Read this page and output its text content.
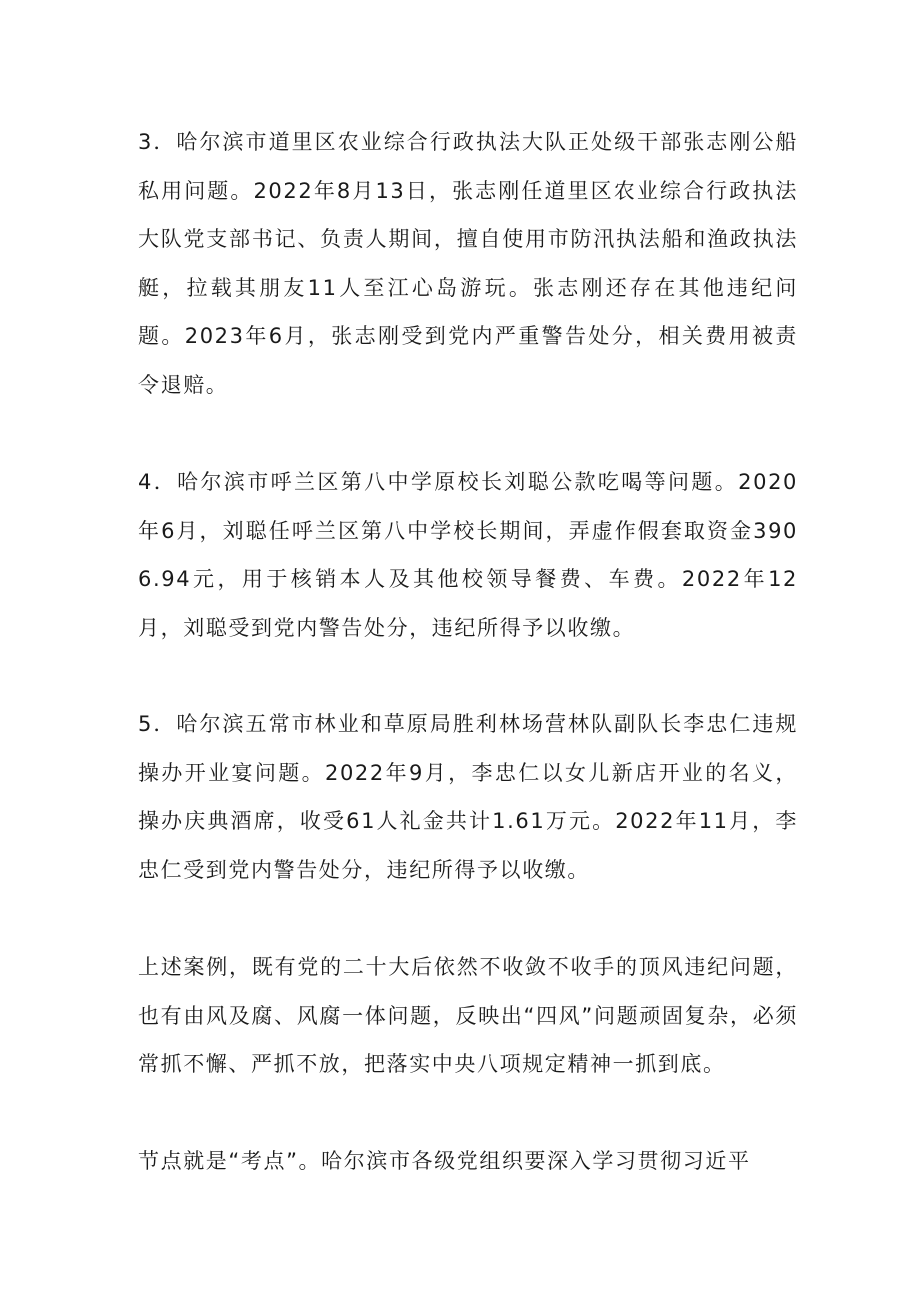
3．哈尔滨市道里区农业综合行政执法大队正处级干部张志刚公船私用问题。2022年8月13日，张志刚任道里区农业综合行政执法大队党支部书记、负责人期间，擅自使用市防汛执法船和渔政执法艇，拉载其朋友11人至江心岛游玩。张志刚还存在其他违纪问题。2023年6月，张志刚受到党内严重警告处分，相关费用被责令退赔。

4．哈尔滨市呼兰区第八中学原校长刘聪公款吃喝等问题。2020年6月，刘聪任呼兰区第八中学校长期间，弄虚作假套取资金3906.94元，用于核销本人及其他校领导餐费、车费。2022年12月，刘聪受到党内警告处分，违纪所得予以收缴。

5．哈尔滨五常市林业和草原局胜利林场营林队副队长李忠仁违规操办开业宴问题。2022年9月，李忠仁以女儿新店开业的名义，操办庆典酒席，收受61人礼金共计1.61万元。2022年11月，李忠仁受到党内警告处分，违纪所得予以收缴。

上述案例，既有党的二十大后依然不收敛不收手的顶风违纪问题，也有由风及腐、风腐一体问题，反映出“四风”问题顽固复杂，必须常抓不懈、严抓不放，把落实中央八项规定精神一抓到底。

节点就是“考点”。哈尔滨市各级党组织要深入学习贯彻习近平
